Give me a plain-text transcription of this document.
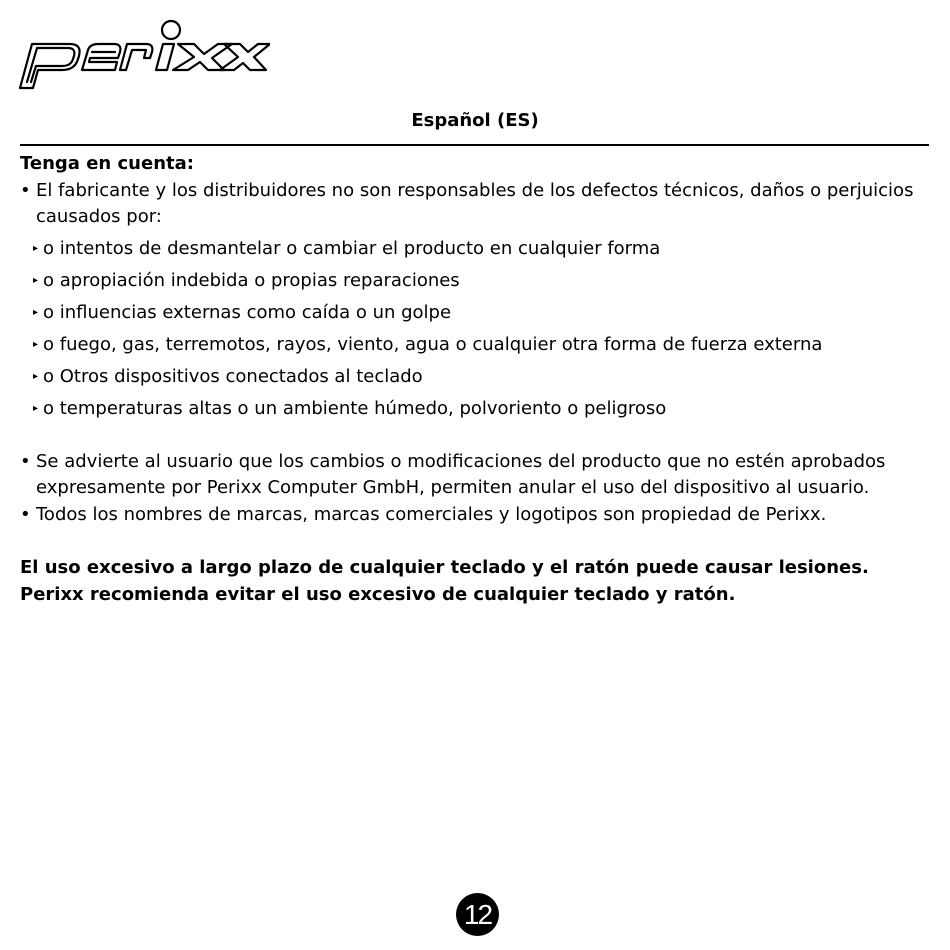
Español (ES)
Tenga en cuenta:
• El fabricante y los distribuidores no son responsables de los defectos técnicos, daños o perjuicios causados por:
▸ o intentos de desmantelar o cambiar el producto en cualquier forma
▸ o apropiación indebida o propias reparaciones
▸ o influencias externas como caída o un golpe
▸ o fuego, gas, terremotos, rayos, viento, agua o cualquier otra forma de fuerza externa
▸ o Otros dispositivos conectados al teclado
▸ o temperaturas altas o un ambiente húmedo, polvoriento o peligroso
• Se advierte al usuario que los cambios o modificaciones del producto que no estén aprobados expresamente por Perixx Computer GmbH, permiten anular el uso del dispositivo al usuario.
• Todos los nombres de marcas, marcas comerciales y logotipos son propiedad de Perixx.
El uso excesivo a largo plazo de cualquier teclado y el ratón puede causar lesiones. Perixx recomienda evitar el uso excesivo de cualquier teclado y ratón.
12
